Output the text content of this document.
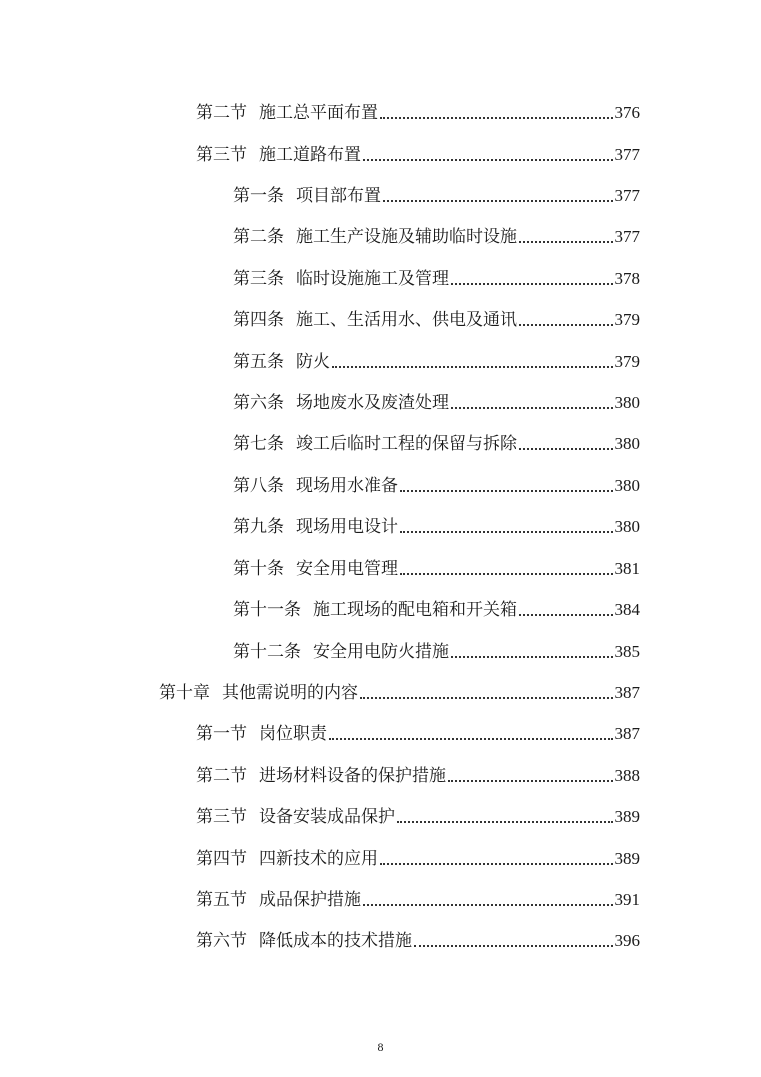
第二节 施工总平面布置	376
第三节 施工道路布置	377
第一条 项目部布置	377
第二条 施工生产设施及辅助临时设施	377
第三条 临时设施施工及管理	378
第四条 施工、生活用水、供电及通讯	379
第五条 防火	379
第六条 场地废水及废渣处理	380
第七条 竣工后临时工程的保留与拆除	380
第八条 现场用水准备	380
第九条 现场用电设计	380
第十条 安全用电管理	381
第十一条 施工现场的配电箱和开关箱	384
第十二条 安全用电防火措施	385
第十章 其他需说明的内容	387
第一节 岗位职责	387
第二节 进场材料设备的保护措施	388
第三节 设备安装成品保护	389
第四节 四新技术的应用	389
第五节 成品保护措施	391
第六节 降低成本的技术措施	396
8
